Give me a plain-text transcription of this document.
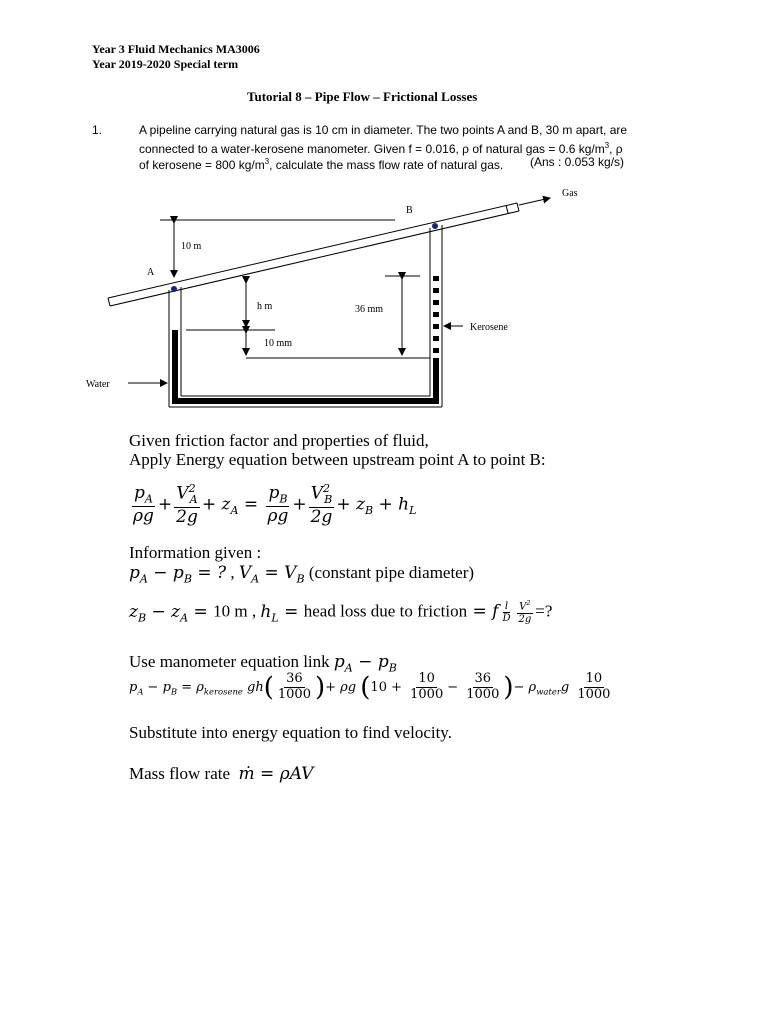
Year 3 Fluid Mechanics MA3006
Year 2019-2020 Special term
Tutorial 8 – Pipe Flow – Frictional Losses
1.	A pipeline carrying natural gas is 10 cm in diameter. The two points A and B, 30 m apart, are
connected to a water-kerosene manometer. Given f = 0.016, ρ of natural gas = 0.6 $kg/m^3$, ρ
of kerosene = 800 $kg/m^3$, calculate the mass flow rate of natural gas. (Ans : 0.053 kg/s)
Gas
B
10 m
A
h m
10 mm
36 mm
Kerosene
Water
Given friction factor and properties of fluid,
Apply Energy equation between upstream point A to point B:
$\frac{p_A}{\rho g} + \frac{V^2_A}{2g} + z_A = \frac{p_B}{\rho g} + \frac{V^2_B}{2g} + z_B + h_L$
Information given :
$p_A - p_B$ = ? , $V_A = V_B$ (constant pipe diameter)
$z_B - z_A = 10$ m , $h_L$ = head loss due to friction = f $\frac{l}{D} \frac{V^2}{2g}$ =?
Use manometer equation link $p_A - p_B$
$p_A - p_B = \rho_{kerosene}$ $gh( \frac{36}{1000}$ )+ ρg ($10 + \frac{10}{1000} - \frac{36}{1000}$ )− $\rho_{water}g \frac{10}{1000}$
Substitute into energy equation to find velocity.
Mass flow rate ṁ = ρAV
